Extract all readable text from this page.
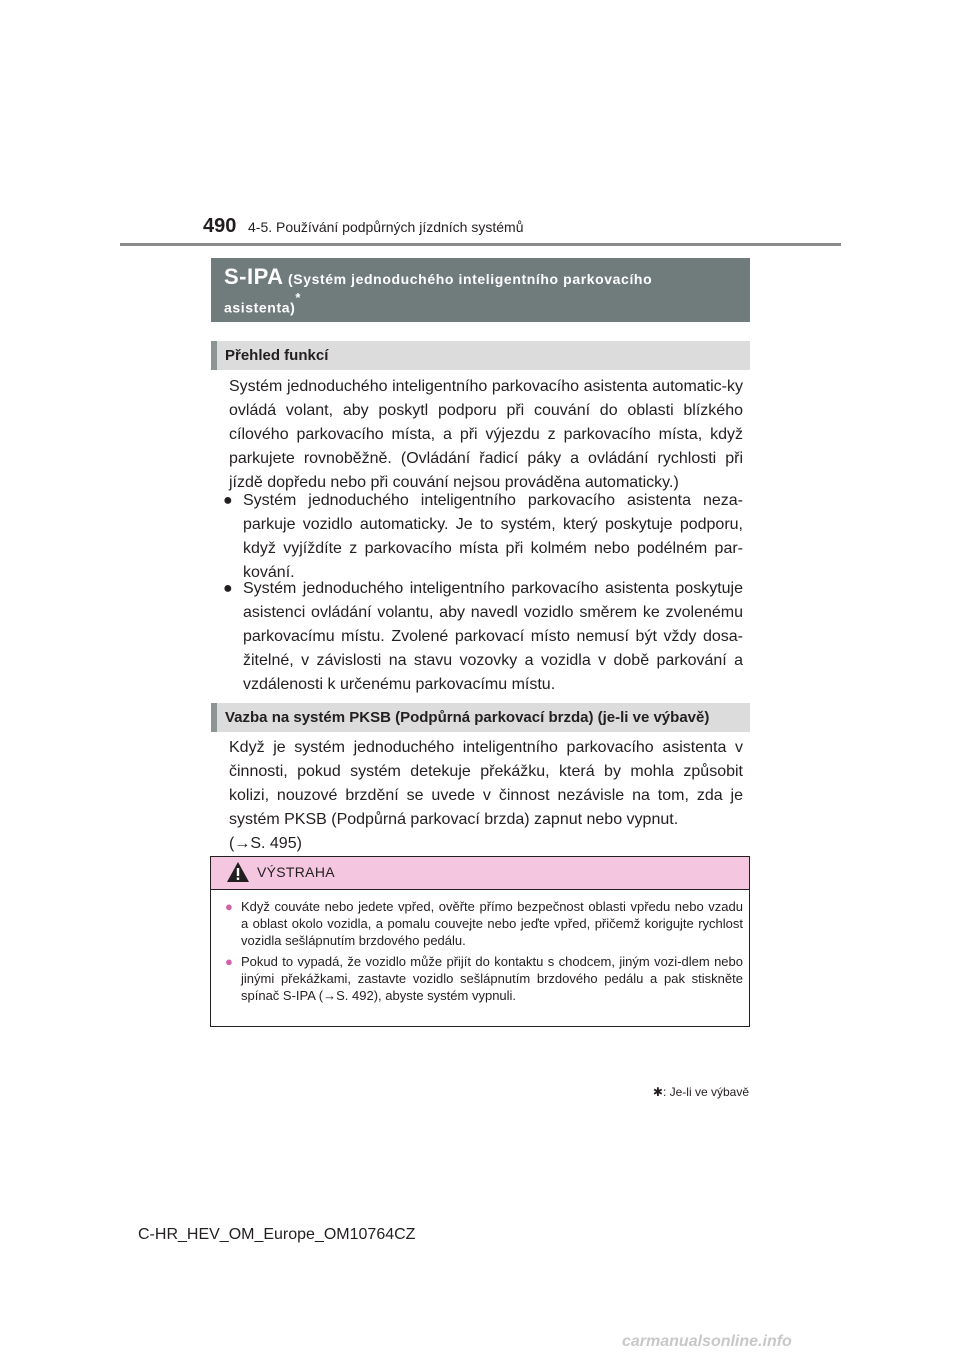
490 4-5. Používání podpůrných jízdních systémů
S-IPA (Systém jednoduchého inteligentního parkovacího
asistenta)*
Přehled funkcí
Systém jednoduchého inteligentního parkovacího asistenta automatic-ky ovládá volant, aby poskytl podporu při couvání do oblasti blízkého cílového parkovacího místa, a při výjezdu z parkovacího místa, když parkujete rovnoběžně. (Ovládání řadicí páky a ovládání rychlosti při jízdě dopředu nebo při couvání nejsou prováděna automaticky.)
● Systém jednoduchého inteligentního parkovacího asistenta neza-parkuje vozidlo automaticky. Je to systém, který poskytuje podporu, když vyjíždíte z parkovacího místa při kolmém nebo podélném par-kování.
● Systém jednoduchého inteligentního parkovacího asistenta poskytuje asistenci ovládání volantu, aby navedl vozidlo směrem ke zvolenému parkovacímu místu. Zvolené parkovací místo nemusí být vždy dosa-žitelné, v závislosti na stavu vozovky a vozidla v době parkování a vzdálenosti k určenému parkovacímu místu.
Vazba na systém PKSB (Podpůrná parkovací brzda) (je-li ve výbavě)
Když je systém jednoduchého inteligentního parkovacího asistenta v činnosti, pokud systém detekuje překážku, která by mohla způsobit kolizi, nouzové brzdění se uvede v činnost nezávisle na tom, zda je systém PKSB (Podpůrná parkovací brzda) zapnut nebo vypnut.
(→S. 495)
VÝSTRAHA
● Když couváte nebo jedete vpřed, ověřte přímo bezpečnost oblasti vpředu nebo vzadu a oblast okolo vozidla, a pomalu couvejte nebo jeďte vpřed, přičemž korigujte rychlost vozidla sešlápnutím brzdového pedálu.
● Pokud to vypadá, že vozidlo může přijít do kontaktu s chodcem, jiným vozi-dlem nebo jinými překážkami, zastavte vozidlo sešlápnutím brzdového pedálu a pak stiskněte spínač S-IPA (→S. 492), abyste systém vypnuli.
✱: Je-li ve výbavě
C-HR_HEV_OM_Europe_OM10764CZ
carmanualsonline.info
